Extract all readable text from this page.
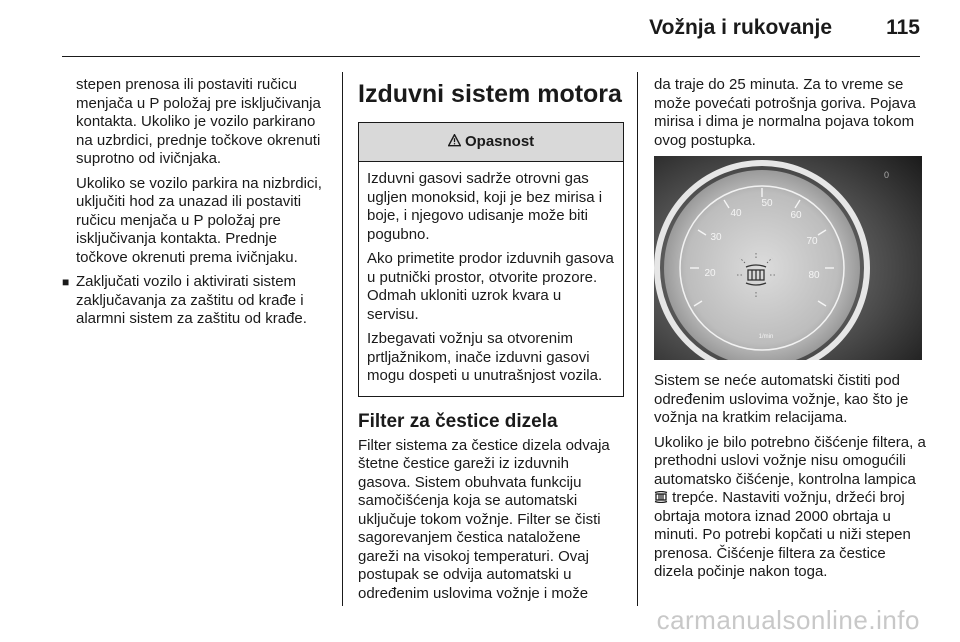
Vožnja i rukovanje	115

stepen prenosa ili postaviti ručicu menjača u P položaj pre isključivanja kontakta. Ukoliko je vozilo parkirano na uzbrdici, prednje točkove okrenuti suprotno od ivičnjaka.

Ukoliko se vozilo parkira na nizbrdici, uključiti hod za unazad ili postaviti ručicu menjača u P položaj pre isključivanja kontakta. Prednje točkove okrenuti prema ivičnjaku.

■ Zaključati vozilo i aktivirati sistem zaključavanja za zaštitu od krađe i alarmni sistem za zaštitu od krađe.

Izduvni sistem motora
Opasnost

Izduvni gasovi sadrže otrovni gas ugljen monoksid, koji je bez mirisa i boje, i njegovo udisanje može biti pogubno.

Ako primetite prodor izduvnih gasova u putnički prostor, otvorite prozore. Odmah ukloniti uzrok kvara u servisu.

Izbegavati vožnju sa otvorenim prtljažnikom, inače izduvni gasovi mogu dospeti u unutrašnjost vozila.

Filter za čestice dizela

Filter sistema za čestice dizela odvaja štetne čestice gareži iz izduvnih gasova. Sistem obuhvata funkciju samočišćenja koja se automatski uključuje tokom vožnje. Filter se čisti sagorevanjem čestica nataložene gareži na visokoj temperaturi. Ovaj postupak se odvija automatski u određenim uslovima vožnje i može

da traje do 25 minuta. Za to vreme se može povećati potrošnja goriva. Pojava mirisa i dima je normalna pojava tokom ovog postupka.

20
30
40
50
60
70
80
1/min
0

Sistem se neće automatski čistiti pod određenim uslovima vožnje, kao što je vožnja na kratkim relacijama.

Ukoliko je bilo potrebno čišćenje filtera, a prethodni uslovi vožnje nisu omogućili automatsko čišćenje, kontrolna lampica  trepće. Nastaviti vožnju, držeći broj obrtaja motora iznad 2000 obrtaja u minuti. Po potrebi kopčati u niži stepen prenosa. Čišćenje filtera za čestice dizela počinje nakon toga.

carmanualsonline.info
